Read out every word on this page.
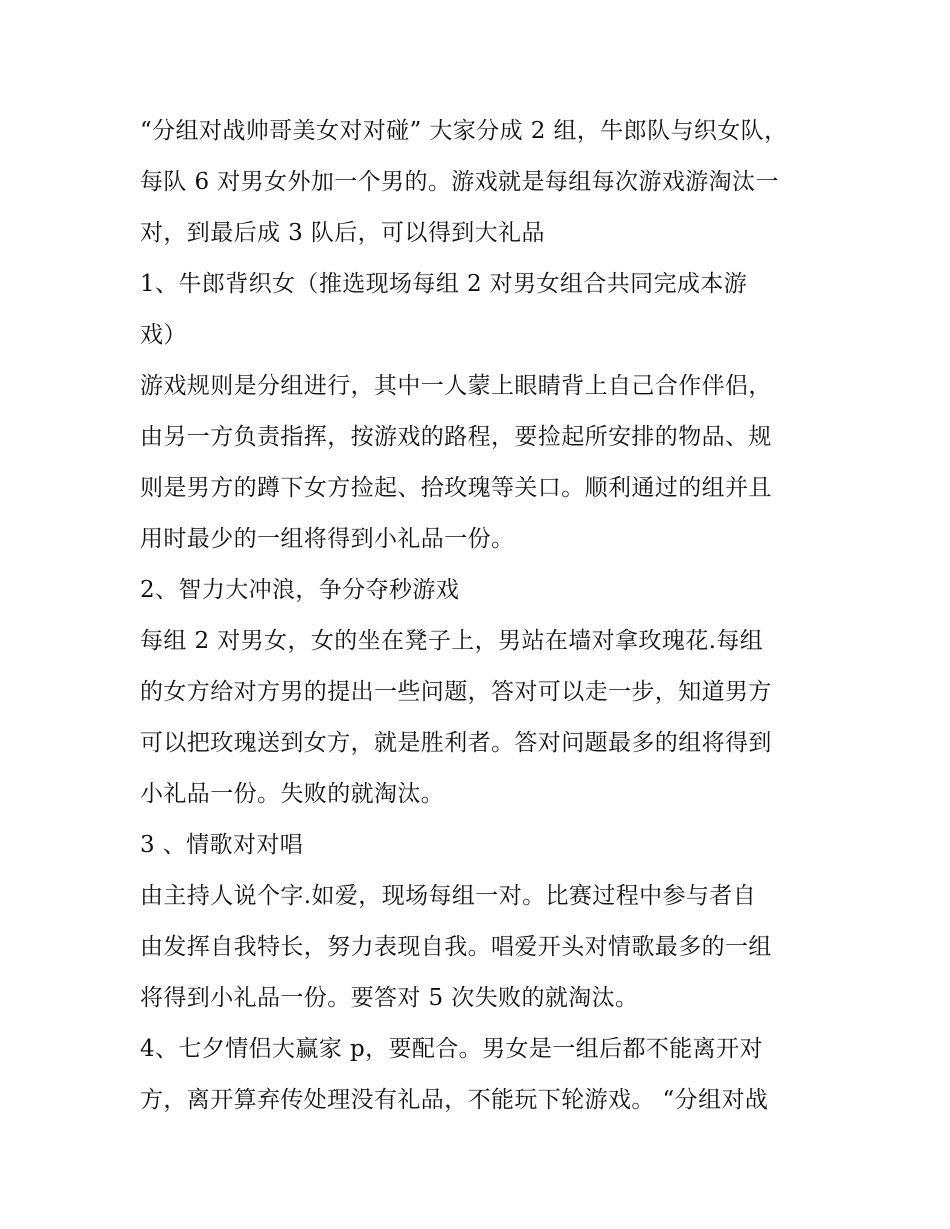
“分组对战帅哥美女对对碰” 大家分成 2 组，牛郎队与织女队，
每队 6 对男女外加一个男的。游戏就是每组每次游戏游淘汰一
对，到最后成 3 队后，可以得到大礼品
1、牛郎背织女（推选现场每组 2 对男女组合共同完成本游
戏）
游戏规则是分组进行，其中一人蒙上眼睛背上自己合作伴侣，
由另一方负责指挥，按游戏的路程，要捡起所安排的物品、规
则是男方的蹲下女方捡起、拾玫瑰等关口。顺利通过的组并且
用时最少的一组将得到小礼品一份。
2、智力大冲浪，争分夺秒游戏
每组 2 对男女，女的坐在凳子上，男站在墙对拿玫瑰花.每组
的女方给对方男的提出一些问题，答对可以走一步，知道男方
可以把玫瑰送到女方，就是胜利者。答对问题最多的组将得到
小礼品一份。失败的就淘汰。
3 、情歌对对唱
由主持人说个字.如爱，现场每组一对。比赛过程中参与者自
由发挥自我特长，努力表现自我。唱爱开头对情歌最多的一组
将得到小礼品一份。要答对 5 次失败的就淘汰。
4、七夕情侣大赢家 p，要配合。男女是一组后都不能离开对
方，离开算弃传处理没有礼品，不能玩下轮游戏。 “分组对战
